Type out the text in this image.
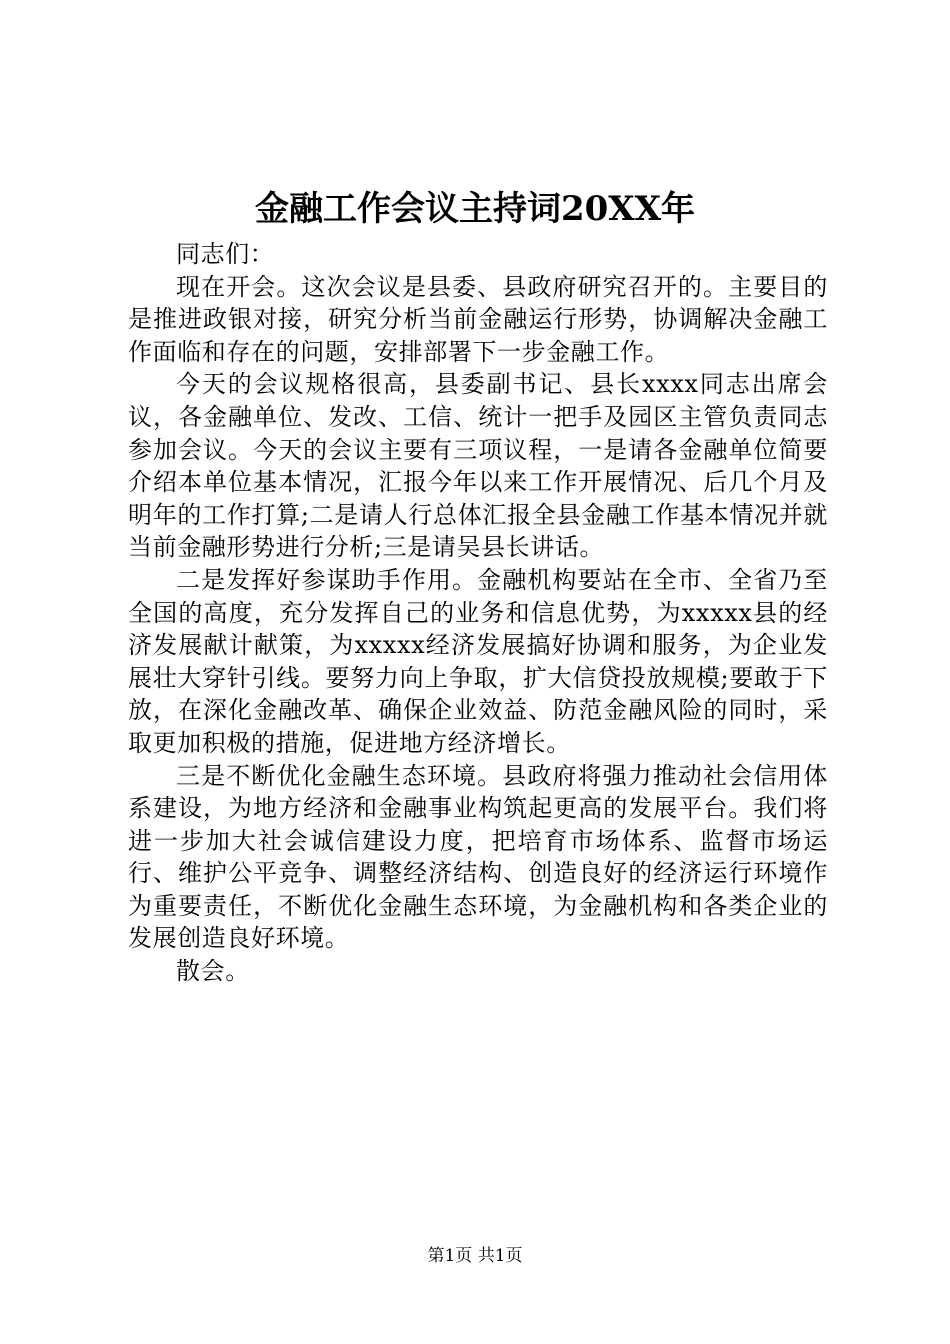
金融工作会议主持词20XX年

同志们：

现在开会。这次会议是县委、县政府研究召开的。主要目的是推进政银对接，研究分析当前金融运行形势，协调解决金融工作面临和存在的问题，安排部署下一步金融工作。

今天的会议规格很高，县委副书记、县长xxxx同志出席会议，各金融单位、发改、工信、统计一把手及园区主管负责同志参加会议。今天的会议主要有三项议程，一是请各金融单位简要介绍本单位基本情况，汇报今年以来工作开展情况、后几个月及明年的工作打算;二是请人行总体汇报全县金融工作基本情况并就当前金融形势进行分析;三是请吴县长讲话。

二是发挥好参谋助手作用。金融机构要站在全市、全省乃至全国的高度，充分发挥自己的业务和信息优势，为xxxxx县的经济发展献计献策，为xxxxx经济发展搞好协调和服务，为企业发展壮大穿针引线。要努力向上争取，扩大信贷投放规模;要敢于下放，在深化金融改革、确保企业效益、防范金融风险的同时，采取更加积极的措施，促进地方经济增长。

三是不断优化金融生态环境。县政府将强力推动社会信用体系建设，为地方经济和金融事业构筑起更高的发展平台。我们将进一步加大社会诚信建设力度，把培育市场体系、监督市场运行、维护公平竞争、调整经济结构、创造良好的经济运行环境作为重要责任，不断优化金融生态环境，为金融机构和各类企业的发展创造良好环境。

散会。

第1页 共1页
